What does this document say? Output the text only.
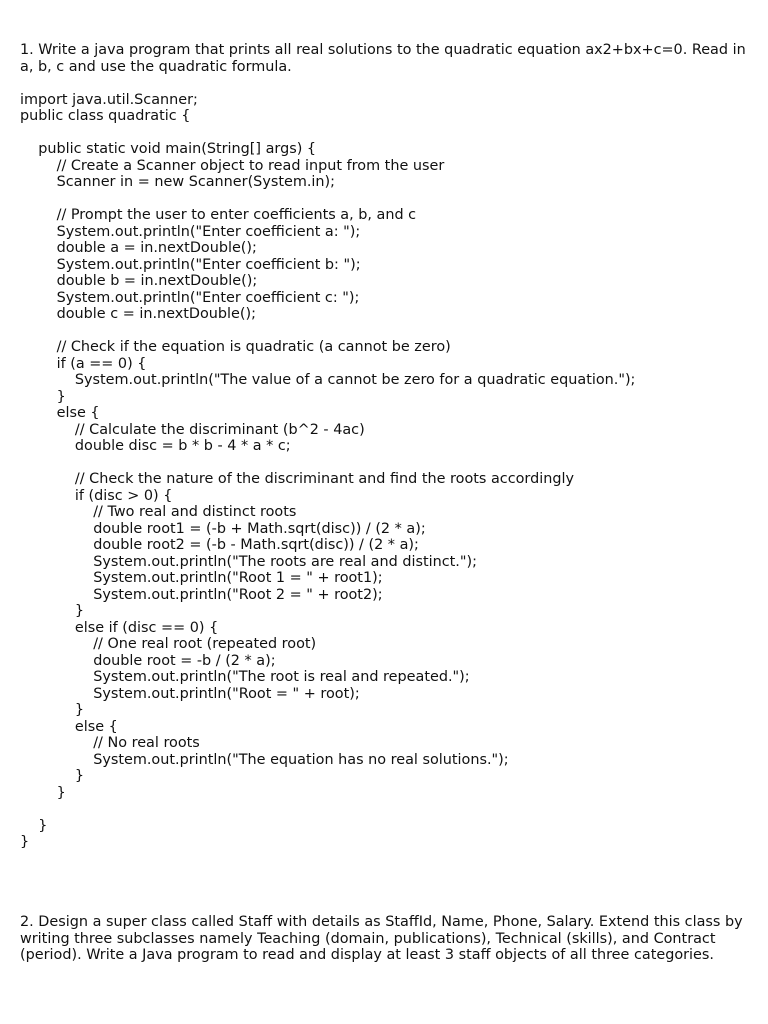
1. Write a java program that prints all real solutions to the quadratic equation ax2+bx+c=0. Read in a, b, c and use the quadratic formula.

import java.util.Scanner;
public class quadratic {
public static void main(String[] args) {
// Create a Scanner object to read input from the user
Scanner in = new Scanner(System.in);
// Prompt the user to enter coefficients a, b, and c
System.out.println("Enter coefficient a: ");
double a = in.nextDouble();
System.out.println("Enter coefficient b: ");
double b = in.nextDouble();
System.out.println("Enter coefficient c: ");
double c = in.nextDouble();
// Check if the equation is quadratic (a cannot be zero)
if (a == 0) {
System.out.println("The value of a cannot be zero for a quadratic equation.");
}
else {
// Calculate the discriminant (b^2 - 4ac)
double disc = b * b - 4 * a * c;
// Check the nature of the discriminant and find the roots accordingly
if (disc > 0) {
// Two real and distinct roots
double root1 = (-b + Math.sqrt(disc)) / (2 * a);
double root2 = (-b - Math.sqrt(disc)) / (2 * a);
System.out.println("The roots are real and distinct.");
System.out.println("Root 1 = " + root1);
System.out.println("Root 2 = " + root2);
}
else if (disc == 0) {
// One real root (repeated root)
double root = -b / (2 * a);
System.out.println("The root is real and repeated.");
System.out.println("Root = " + root);
}
else {
// No real roots
System.out.println("The equation has no real solutions.");
}
}
}
}

2. Design a super class called Staff with details as StaffId, Name, Phone, Salary. Extend this class by writing three subclasses namely Teaching (domain, publications), Technical (skills), and Contract (period). Write a Java program to read and display at least 3 staff objects of all three categories.
